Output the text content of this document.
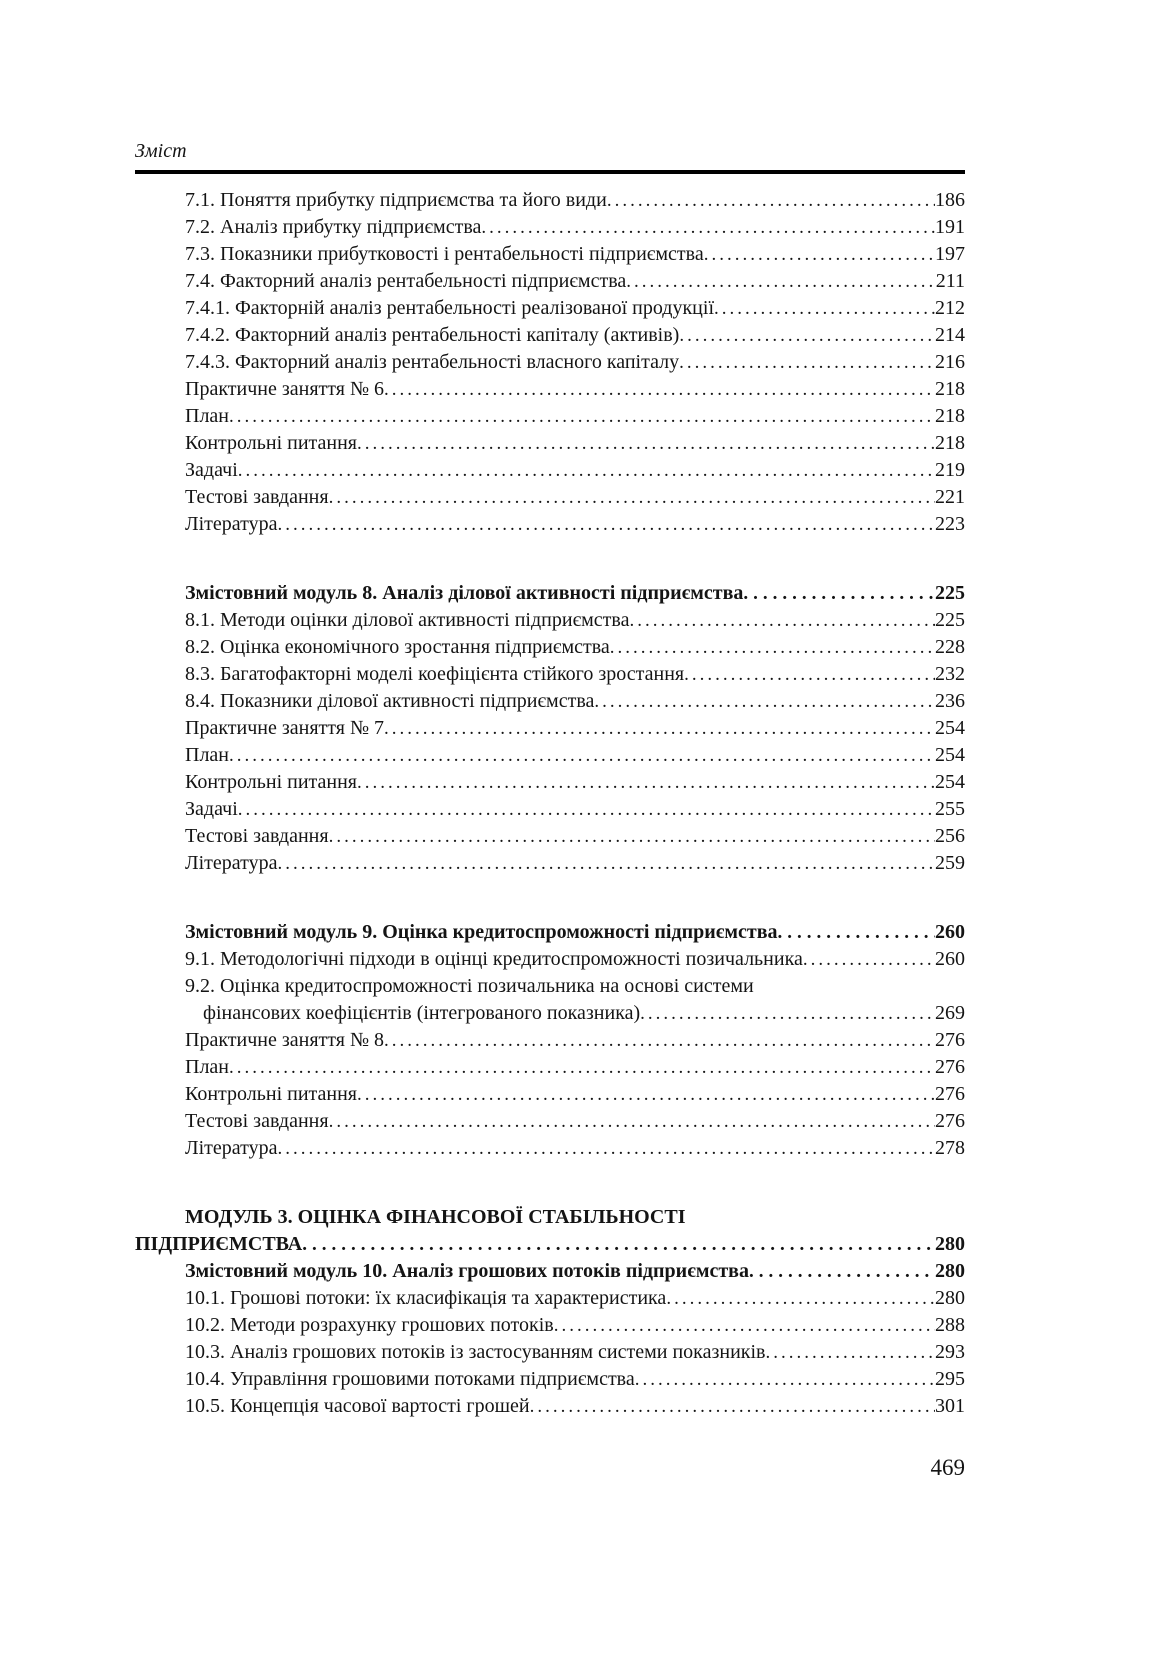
Зміст
7.1. Поняття прибутку підприємства та його види .....	186
7.2. Аналіз прибутку підприємства .....	191
7.3. Показники прибутковості і рентабельності підприємства .....	197
7.4. Факторний аналіз рентабельності підприємства .....	211
7.4.1. Факторній аналіз рентабельності реалізованої продукції .....	212
7.4.2. Факторний аналіз рентабельності капіталу (активів) .....	214
7.4.3. Факторний аналіз рентабельності власного капіталу .....	216
Практичне заняття № 6 .....	218
План .....	218
Контрольні питання .....	218
Задачі .....	219
Тестові завдання .....	221
Література .....	223
Змістовний модуль 8. Аналіз ділової активності підприємства .....	225
8.1. Методи оцінки ділової активності підприємства .....	225
8.2. Оцінка економічного зростання підприємства .....	228
8.3. Багатофакторні моделі коефіцієнта стійкого зростання .....	232
8.4. Показники ділової активності підприємства .....	236
Практичне заняття № 7 .....	254
План .....	254
Контрольні питання .....	254
Задачі .....	255
Тестові завдання .....	256
Література .....	259
Змістовний модуль 9. Оцінка кредитоспроможності підприємства .....	260
9.1. Методологічні підходи в оцінці кредитоспроможності позичальника .....	260
9.2. Оцінка кредитоспроможності позичальника на основі системи
фінансових коефіцієнтів (інтегрованого показника) .....	269
Практичне заняття № 8 .....	276
План .....	276
Контрольні питання .....	276
Тестові завдання .....	276
Література .....	278
МОДУЛЬ 3. ОЦІНКА ФІНАНСОВОЇ СТАБІЛЬНОСТІ
ПІДПРИЄМСТВА .....	280
Змістовний модуль 10. Аналіз грошових потоків підприємства .....	280
10.1. Грошові потоки: їх класифікація та характеристика .....	280
10.2. Методи розрахунку грошових потоків .....	288
10.3. Аналіз грошових потоків із застосуванням системи показників .....	293
10.4. Управління грошовими потоками підприємства .....	295
10.5. Концепція часової вартості грошей .....	301
469
